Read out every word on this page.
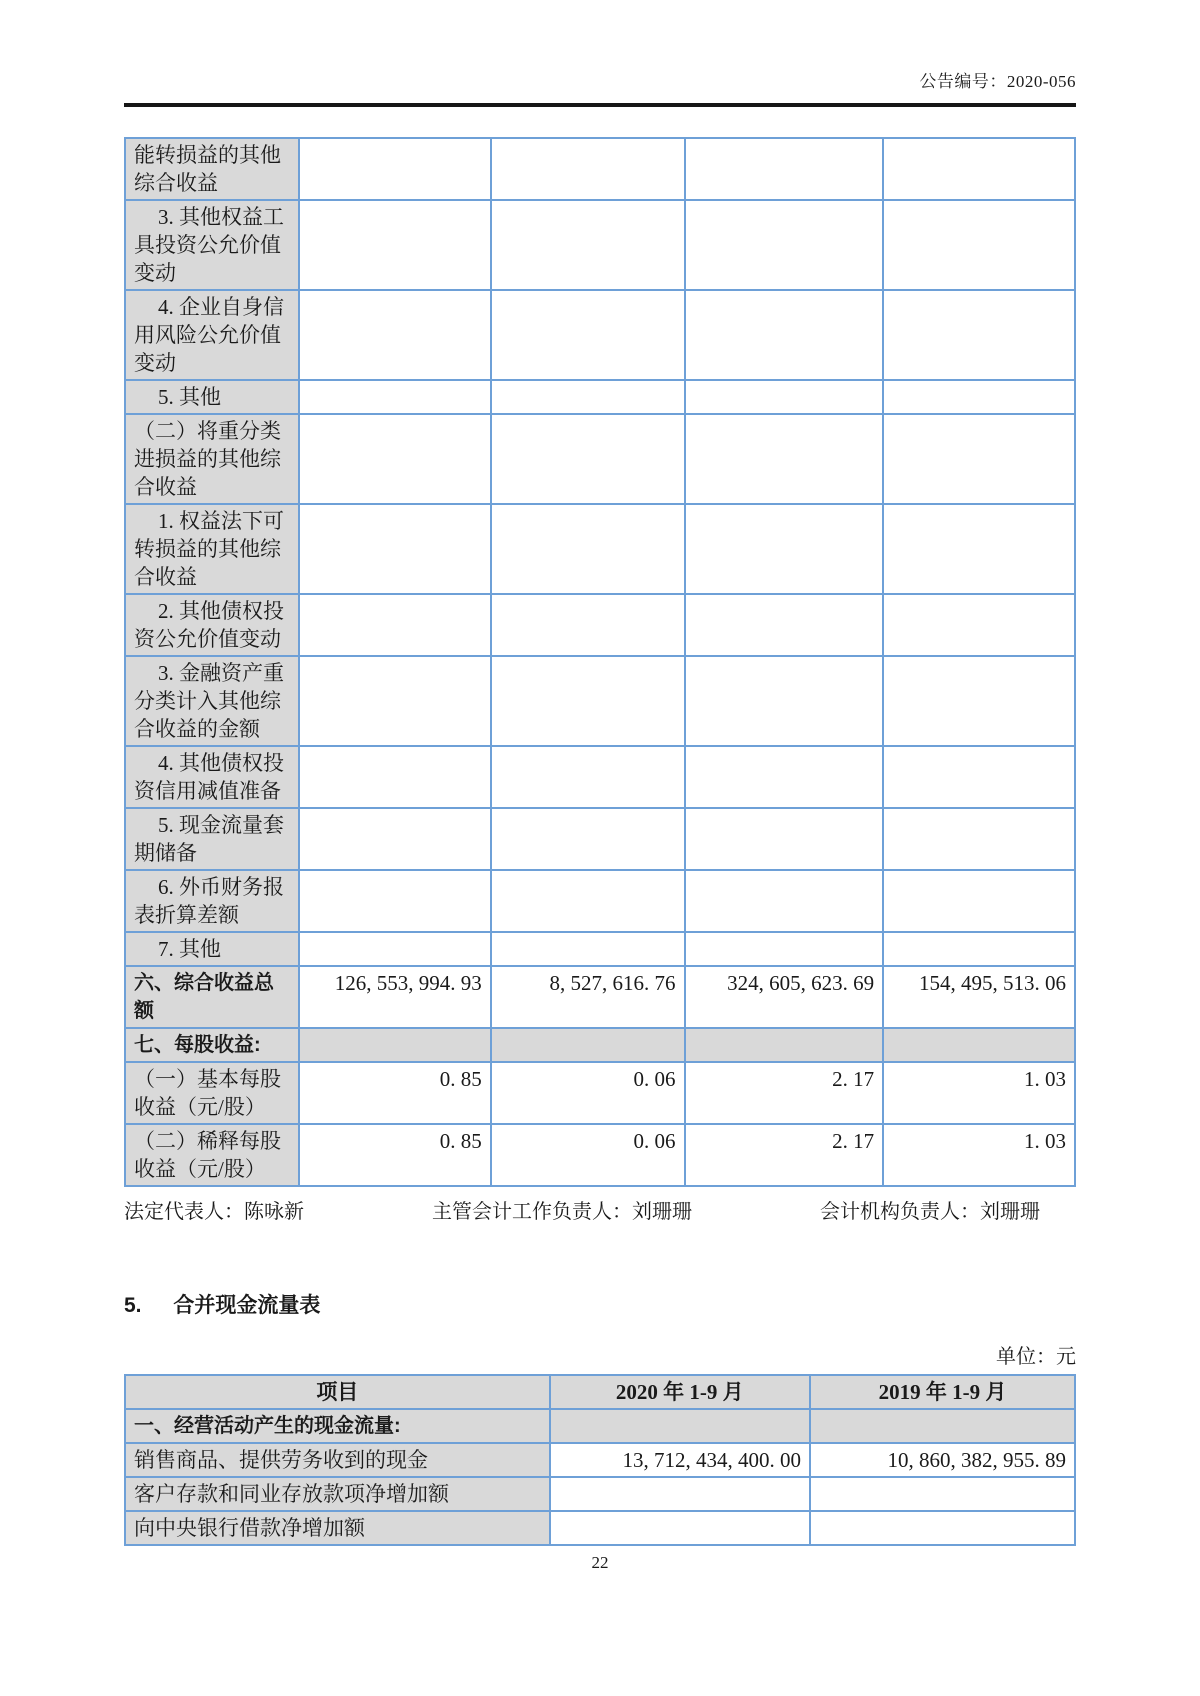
公告编号：2020-056
能转损益的其他综合收益				
3. 其他权益工具投资公允价值变动				
4. 企业自身信用风险公允价值变动				
5. 其他				
（二）将重分类进损益的其他综合收益				
1. 权益法下可转损益的其他综合收益				
2. 其他债权投资公允价值变动				
3. 金融资产重分类计入其他综合收益的金额				
4. 其他债权投资信用减值准备				
5. 现金流量套期储备				
6. 外币财务报表折算差额				
7. 其他				
六、综合收益总额	126, 553, 994. 93	8, 527, 616. 76	324, 605, 623. 69	154, 495, 513. 06
七、每股收益:				
（一）基本每股收益（元/股）	0. 85	0. 06	2. 17	1. 03
（二）稀释每股收益（元/股）	0. 85	0. 06	2. 17	1. 03
法定代表人：陈咏新	主管会计工作负责人：刘珊珊	会计机构负责人：刘珊珊
5. 合并现金流量表
单位：元
项目	2020 年 1-9 月	2019 年 1-9 月
一、经营活动产生的现金流量:		
销售商品、提供劳务收到的现金	13, 712, 434, 400. 00	10, 860, 382, 955. 89
客户存款和同业存放款项净增加额		
向中央银行借款净增加额		
22
